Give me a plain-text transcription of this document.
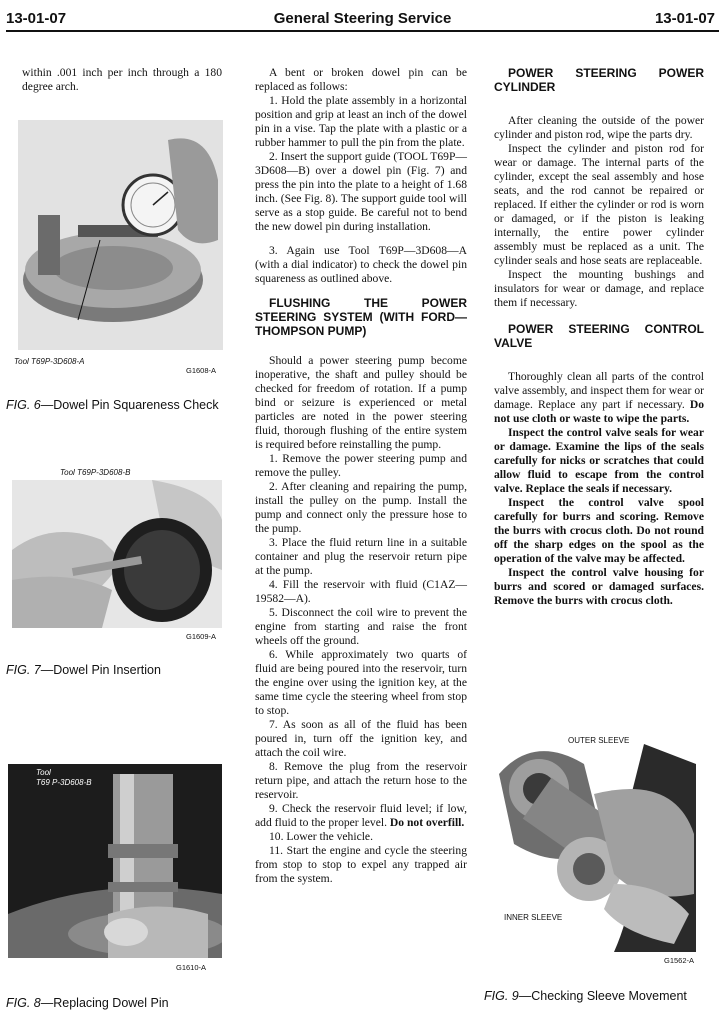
13-01-07	General Steering Service	13-01-07

within .001 inch per inch through a 180 degree arch.

Tool T69P-3D608-A
G1608-A
FIG. 6—Dowel Pin Squareness Check
Tool T69P-3D608-B
G1609-A
FIG. 7—Dowel Pin Insertion
Tool
T69 P-3D608-B
G1610-A
FIG. 8—Replacing Dowel Pin

A bent or broken dowel pin can be replaced as follows:

1. Hold the plate assembly in a horizontal position and grip at least an inch of the dowel pin in a vise. Tap the plate with a plastic or a rubber hammer to pull the pin from the plate.

2. Insert the support guide (TOOL T69P—3D608—B) over a dowel pin (Fig. 7) and press the pin into the plate to a height of 1.68 inch. (See Fig. 8). The support guide tool will serve as a stop guide. Be careful not to bend the new dowel pin during installation.

3. Again use Tool T69P—3D608—A (with a dial indicator) to check the dowel pin squareness as outlined above.

FLUSHING THE POWER STEERING SYSTEM (WITH FORD—THOMPSON PUMP)

Should a power steering pump become inoperative, the shaft and pulley should be checked for freedom of rotation. If a pump bind or seizure is experienced or metal particles are noted in the power steering fluid, thorough flushing of the entire system is required before reinstalling the pump.

1. Remove the power steering pump and remove the pulley.

2. After cleaning and repairing the pump, install the pulley on the pump. Install the pump and connect only the pressure hose to the pump.

3. Place the fluid return line in a suitable container and plug the reservoir return pipe at the pump.

4. Fill the reservoir with fluid (C1AZ—19582—A).

5. Disconnect the coil wire to prevent the engine from starting and raise the front wheels off the ground.

6. While approximately two quarts of fluid are being poured into the reservoir, turn the engine over using the ignition key, at the same time cycle the steering wheel from stop to stop.

7. As soon as all of the fluid has been poured in, turn off the ignition key, and attach the coil wire.

8. Remove the plug from the reservoir return pipe, and attach the return hose to the reservoir.

9. Check the reservoir fluid level; if low, add fluid to the proper level. Do not overfill.

10. Lower the vehicle.

11. Start the engine and cycle the steering from stop to stop to expel any trapped air from the system.

POWER STEERING POWER CYLINDER

After cleaning the outside of the power cylinder and piston rod, wipe the parts dry.

Inspect the cylinder and piston rod for wear or damage. The internal parts of the cylinder, except the seal assembly and hose seats, and the rod cannot be repaired or replaced. If either the cylinder or rod is worn or damaged, or if the piston is leaking internally, the entire power cylinder assembly must be replaced as a unit. The cylinder seals and hose seats are replaceable.

Inspect the mounting bushings and insulators for wear or damage, and replace them if necessary.

POWER STEERING CONTROL VALVE

Thoroughly clean all parts of the control valve assembly, and inspect them for wear or damage. Replace any part if necessary. Do not use cloth or waste to wipe the parts.

Inspect the control valve seals for wear or damage. Examine the lips of the seals carefully for nicks or scratches that could allow fluid to escape from the control valve. Replace the seals if necessary.

Inspect the control valve spool carefully for burrs and scoring. Remove the burrs with crocus cloth. Do not round off the sharp edges on the spool as the operation of the valve may be affected.

Inspect the control valve housing for burrs and scored or damaged surfaces. Remove the burrs with crocus cloth.

OUTER SLEEVE
INNER SLEEVE
G1562-A
FIG. 9—Checking Sleeve Movement
